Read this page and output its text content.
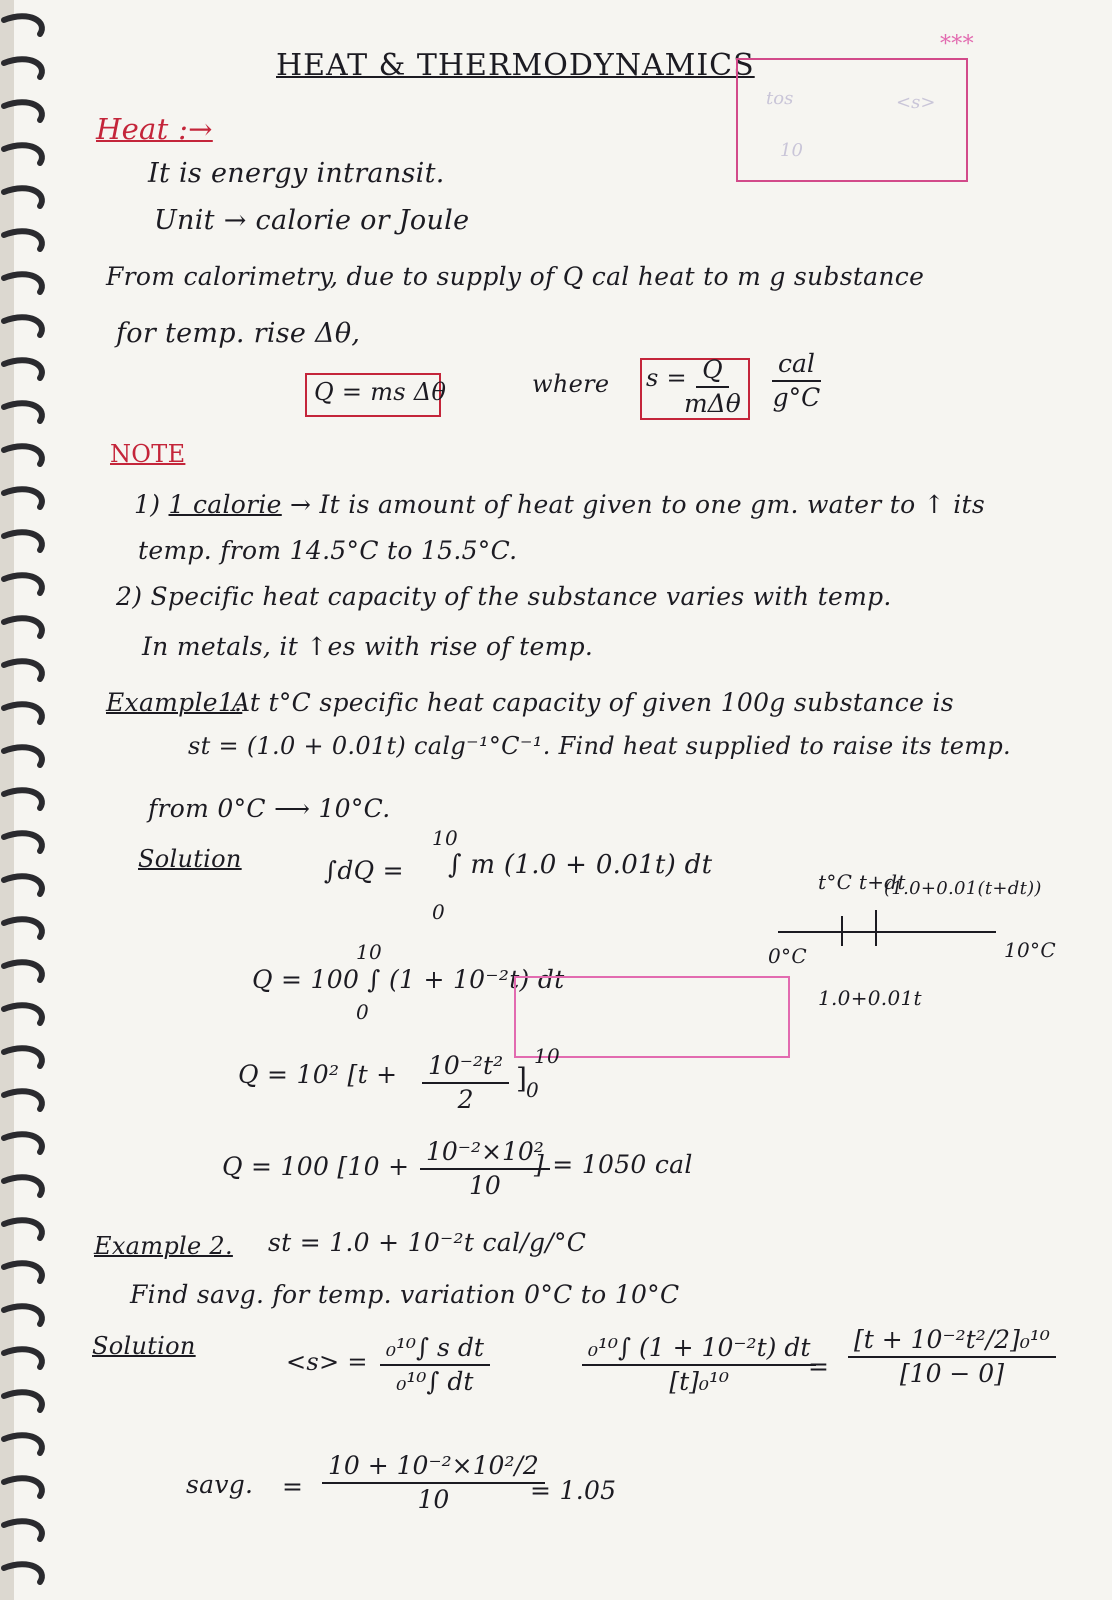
HEAT & THERMODYNAMICS
***
tos
10
<s>
Heat :→
It is energy intransit.
Unit → calorie or Joule
From calorimetry, due to supply of Q cal heat to m g substance
for temp. rise Δθ,
Q = ms Δθ	where s = Q
mΔθ
cal
g°C
NOTE
1) 1 calorie → It is amount of heat given to one gm. water to ↑ its
temp. from 14.5°C to 15.5°C.
2) Specific heat capacity of the substance varies with temp.
In metals, it ↑es with rise of temp.
Example1.
At t°C specific heat capacity of given 100g substance is
st = (1.0 + 0.01t) calg⁻¹°C⁻¹. Find heat supplied to raise its temp.
from 0°C ⟶ 10°C.
Solution	∫dQ =
10
0
∫ m (1.0 + 0.01t) dt
t°C t+dt
(1.0+0.01(t+dt))
0°C	10°C
1.0+0.01t
Q = 100 ∫ (1 + 10⁻²t) dt
10
0
Q = 10² [$t + \frac{\text{10⁻²t²}}{2}$ ]
10
0
Q = 100 [$10 + \frac{\text{10⁻²×10²}}{10}$
] = 1050 cal
Example 2. st = 1.0 + 10⁻²t cal/g/°C
Find savg. for temp. variation 0°C to 10°C
Solution
$<s> = \frac{\text{₀¹⁰∫ s dt}}{\text{₀¹⁰∫ dt}}$	$\frac{\text{₀¹⁰∫ (1 + 10⁻²t) dt}}{\text{[t]₀¹⁰}}$
= $\frac{\text{[t + 10⁻²t²/2]₀¹⁰}}{[10 - 0]}$
savg. = $\frac{\text{10 + 10⁻²×10²/2}}{10}$
= 1.05
